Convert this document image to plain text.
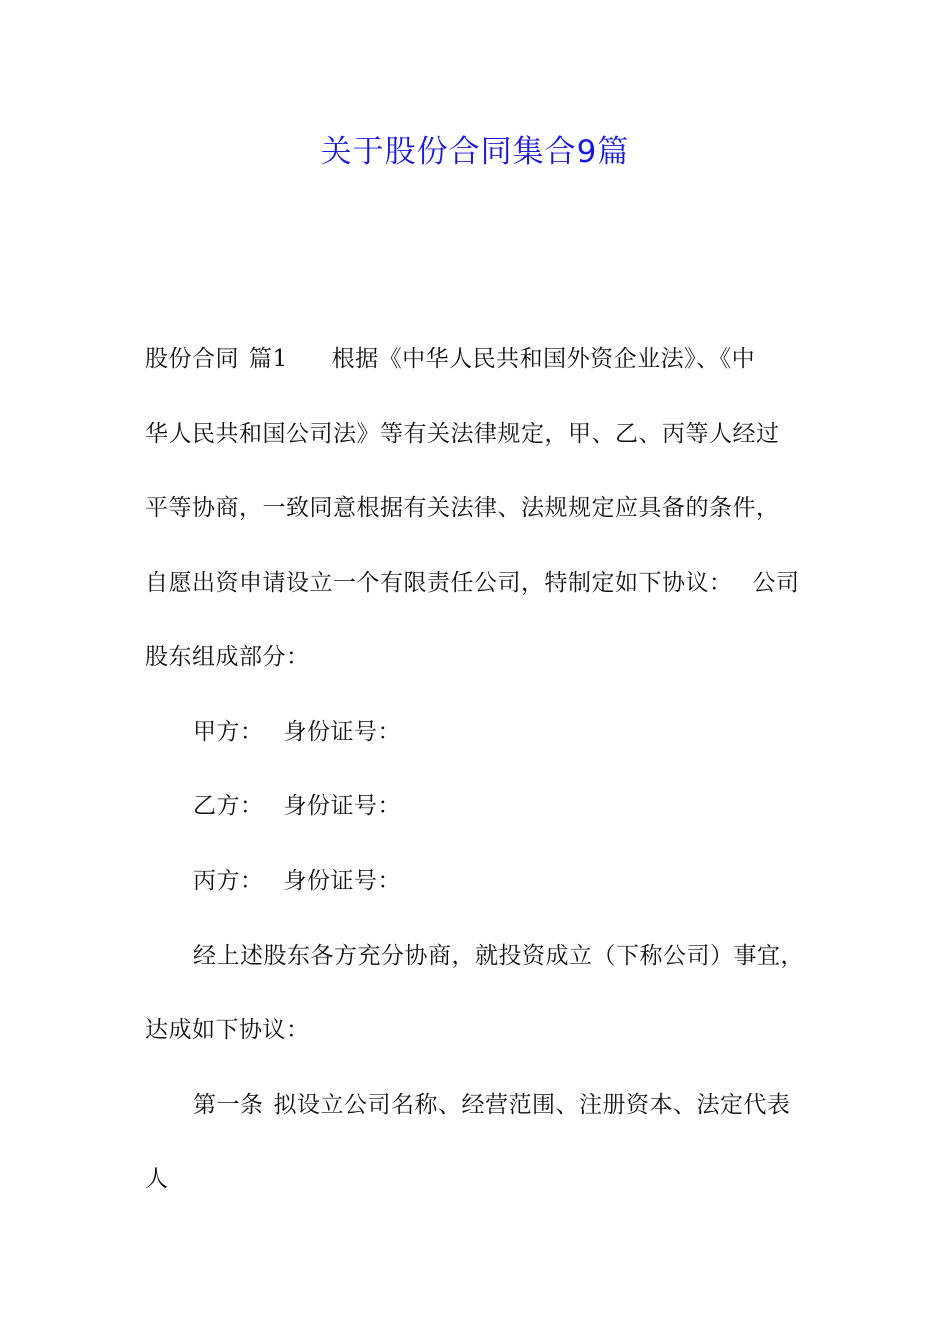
关于股份合同集合9篇
股份合同 篇1 根据《中华人民共和国外资企业法》、《中
华人民共和国公司法》等有关法律规定，甲、乙、丙等人经过
平等协商，一致同意根据有关法律、法规规定应具备的条件，
自愿出资申请设立一个有限责任公司，特制定如下协议： 公司
股东组成部分：
甲方： 身份证号：
乙方： 身份证号：
丙方： 身份证号：
经上述股东各方充分协商，就投资成立（下称公司）事宜，
达成如下协议：
第一条 拟设立公司名称、经营范围、注册资本、法定代表
人
